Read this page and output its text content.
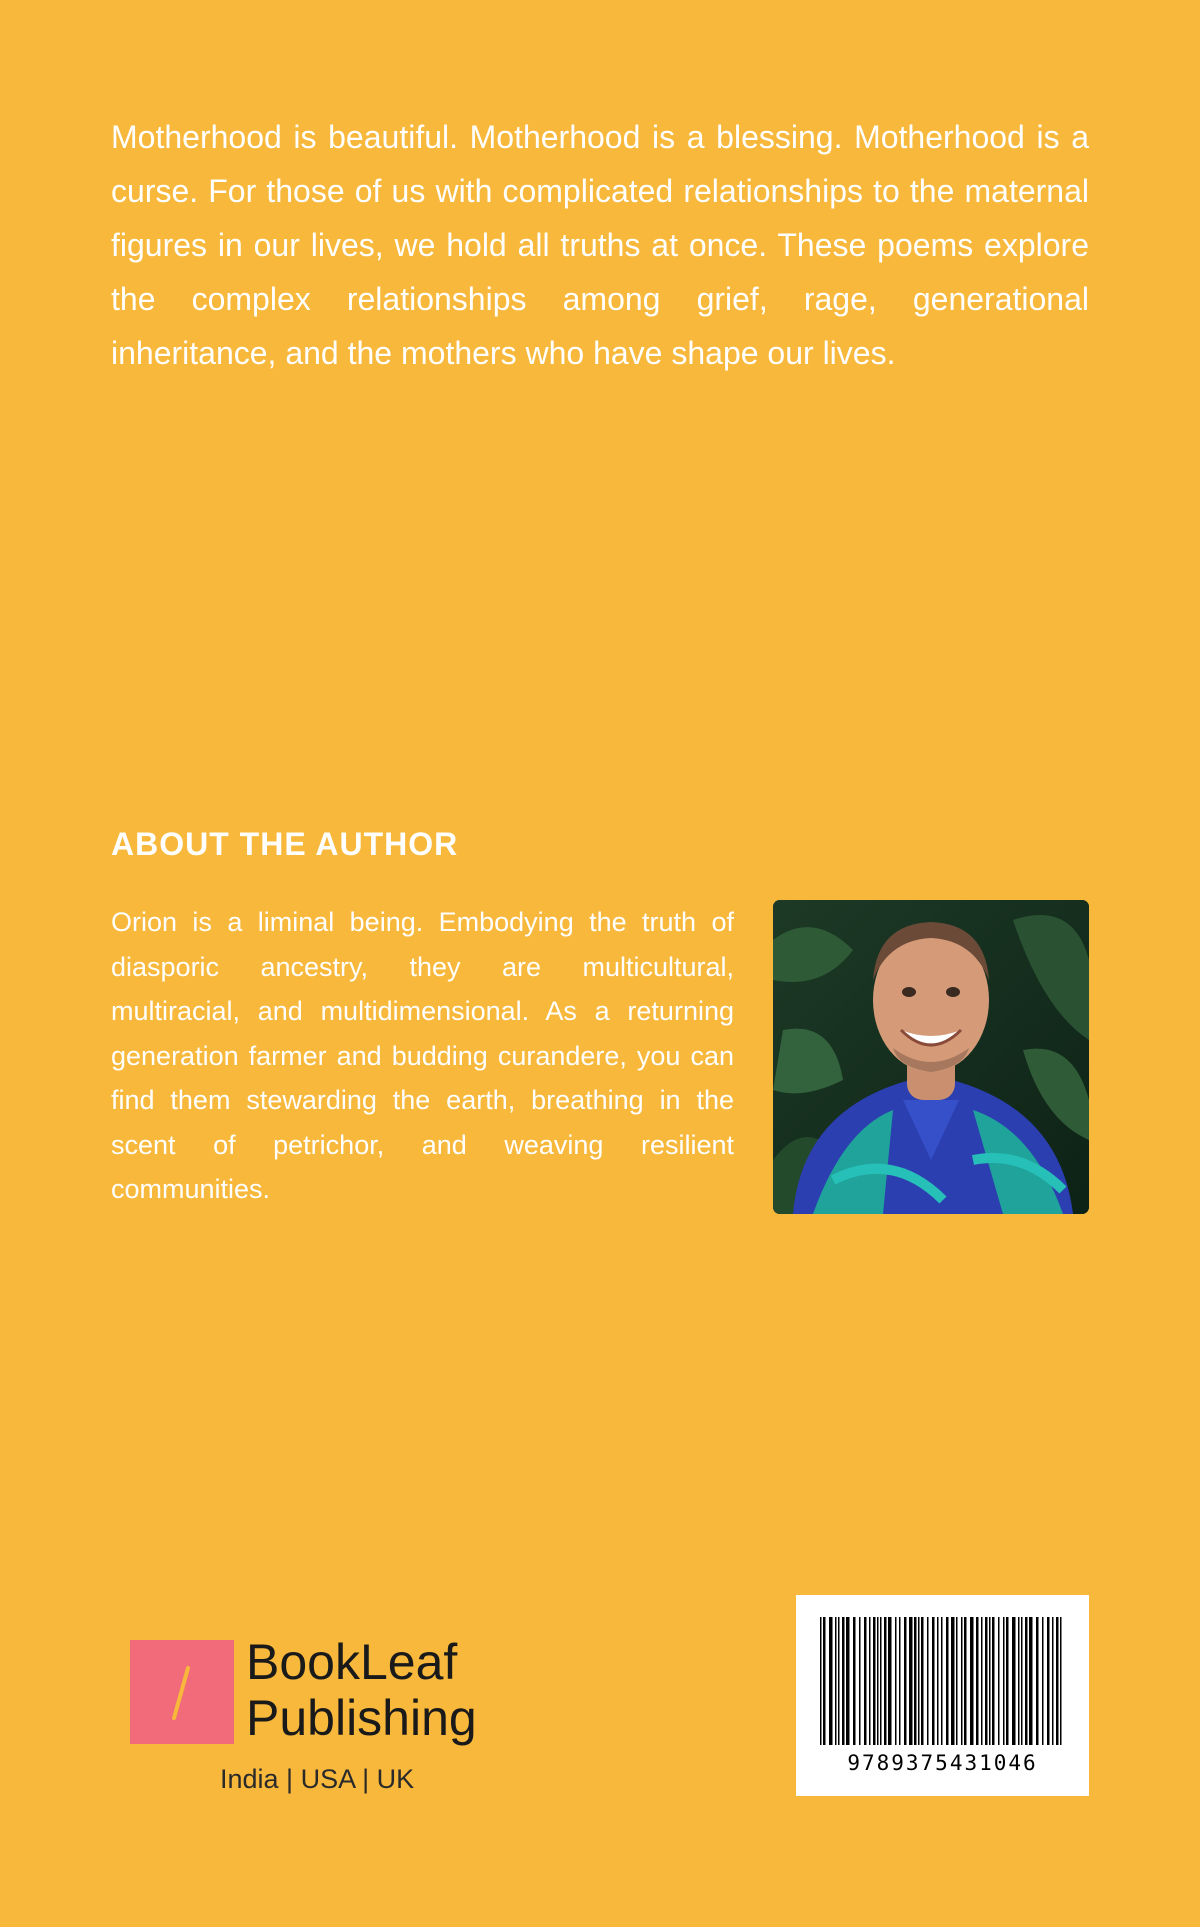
Motherhood is beautiful. Motherhood is a blessing. Motherhood is a curse. For those of us with complicated relationships to the maternal figures in our lives, we hold all truths at once. These poems explore the complex relationships among grief, rage, generational inheritance, and the mothers who have shape our lives.

ABOUT THE AUTHOR

Orion is a liminal being. Embodying the truth of diasporic ancestry, they are multicultural, multiracial, and multidimensional. As a returning generation farmer and budding curandere, you can find them stewarding the earth, breathing in the scent of petrichor, and weaving resilient communities.

BookLeaf
Publishing
India | USA | UK
9789375431046
